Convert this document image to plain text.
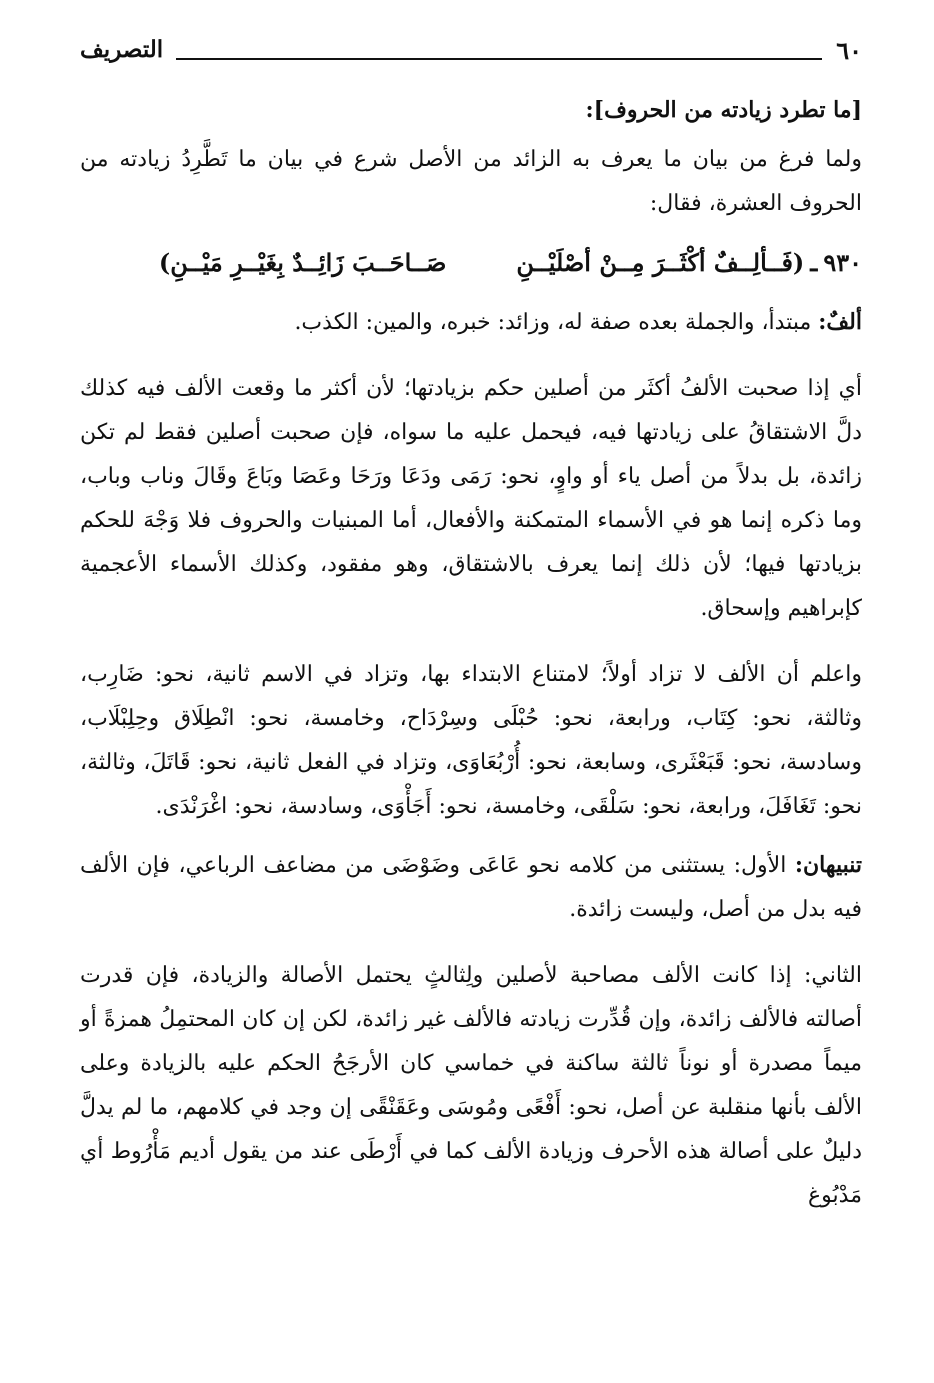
٦٠
التصريف

[ما تطرد زيادته من الحروف]:

ولما فرغ من بيان ما يعرف به الزائد من الأصل شرع في بيان ما تَطَّرِدُ زيادته من الحروف العشرة، فقال:

٩٣٠
ـ
(فَــألِــفٌ أكْثَــرَ مِــنْ أصْلَيْــنِ
صَــاحَــبَ زَائِــدٌ بِغَيْــرِ مَيْــنِ)

ألفٌ: مبتدأ، والجملة بعده صفة له، وزائد: خبره، والمين: الكذب.

أي إذا صحبت الألفُ أكثَر من أصلين حكم بزيادتها؛ لأن أكثر ما وقعت الألف فيه كذلك دلَّ الاشتقاقُ على زيادتها فيه، فيحمل عليه ما سواه، فإن صحبت أصلين فقط لم تكن زائدة، بل بدلاً من أصل ياء أو واوٍ، نحو: رَمَى ودَعَا ورَحَا وعَصَا وبَاعَ وقَالَ وناب وباب، وما ذكره إنما هو في الأسماء المتمكنة والأفعال، أما المبنيات والحروف فلا وَجْهَ للحكم بزيادتها فيها؛ لأن ذلك إنما يعرف بالاشتقاق، وهو مفقود، وكذلك الأسماء الأعجمية كإبراهيم وإسحاق.

واعلم أن الألف لا تزاد أولاً؛ لامتناع الابتداء بها، وتزاد في الاسم ثانية، نحو: ضَارِب، وثالثة، نحو: كِتَاب، ورابعة، نحو: حُبْلَى وسِرْدَاح، وخامسة، نحو: انْطِلَاق وحِلِبْلَاب، وسادسة، نحو: قَبَعْثَرى، وسابعة، نحو: أُرْبُعَاوَى، وتزاد في الفعل ثانية، نحو: قَاتَلَ، وثالثة، نحو: تَغَافَلَ، ورابعة، نحو: سَلْقَى، وخامسة، نحو: أَجَأْوَى، وسادسة، نحو: اغْرَنْدَى.

تنبيهان: الأول: يستثنى من كلامه نحو عَاعَى وضَوْضَى من مضاعف الرباعي، فإن الألف فيه بدل من أصل، وليست زائدة.

الثاني: إذا كانت الألف مصاحبة لأصلين ولِثالثٍ يحتمل الأصالة والزيادة، فإن قدرت أصالته فالألف زائدة، وإن قُدِّرت زيادته فالألف غير زائدة، لكن إن كان المحتمِلُ همزةً أو ميماً مصدرة أو نوناً ثالثة ساكنة في خماسي كان الأرجَحُ الحكم عليه بالزيادة وعلى الألف بأنها منقلبة عن أصل، نحو: أَفْعًى ومُوسَى وعَقَنْقًى إن وجد في كلامهم، ما لم يدلَّ دليلٌ على أصالة هذه الأحرف وزيادة الألف كما في أَرْطَى عند من يقول أديم مَأْرُوط أي مَدْبُوغ
